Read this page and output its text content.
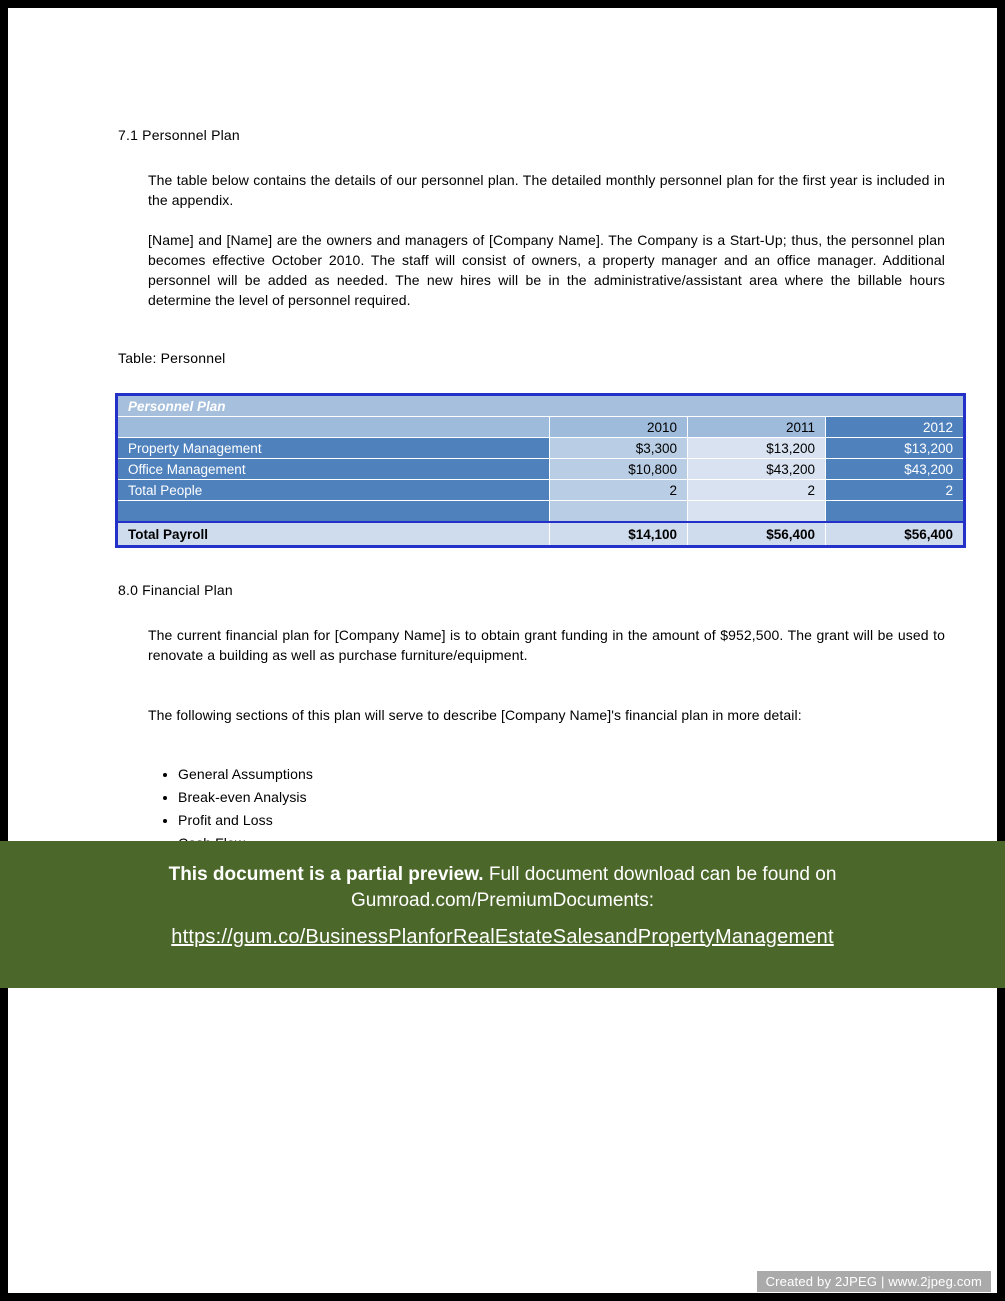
7.1 Personnel Plan
The table below contains the details of our personnel plan. The detailed monthly personnel plan for the first year is included in the appendix.
[Name] and [Name] are the owners and managers of [Company Name]. The Company is a Start-Up; thus, the personnel plan becomes effective October 2010. The staff will consist of owners, a property manager and an office manager. Additional personnel will be added as needed. The new hires will be in the administrative/assistant area where the billable hours determine the level of personnel required.
Table: Personnel
Personnel Plan			
	2010	2011	2012
Property Management	$3,300	$13,200	$13,200
Office Management	$10,800	$43,200	$43,200
Total People	2	2	2

Total Payroll	$14,100	$56,400	$56,400
8.0 Financial Plan
The current financial plan for [Company Name] is to obtain grant funding in the amount of $952,500. The grant will be used to renovate a building as well as purchase furniture/equipment.
The following sections of this plan will serve to describe [Company Name]'s financial plan in more detail:
• General Assumptions
• Break-even Analysis
• Profit and Loss
•
This document is a partial preview. Full document download can be found on
Gumroad.com/PremiumDocuments:
https://gum.co/BusinessPlanforRealEstateSalesandPropertyManagement
Created by 2JPEG | www.2jpeg.com
